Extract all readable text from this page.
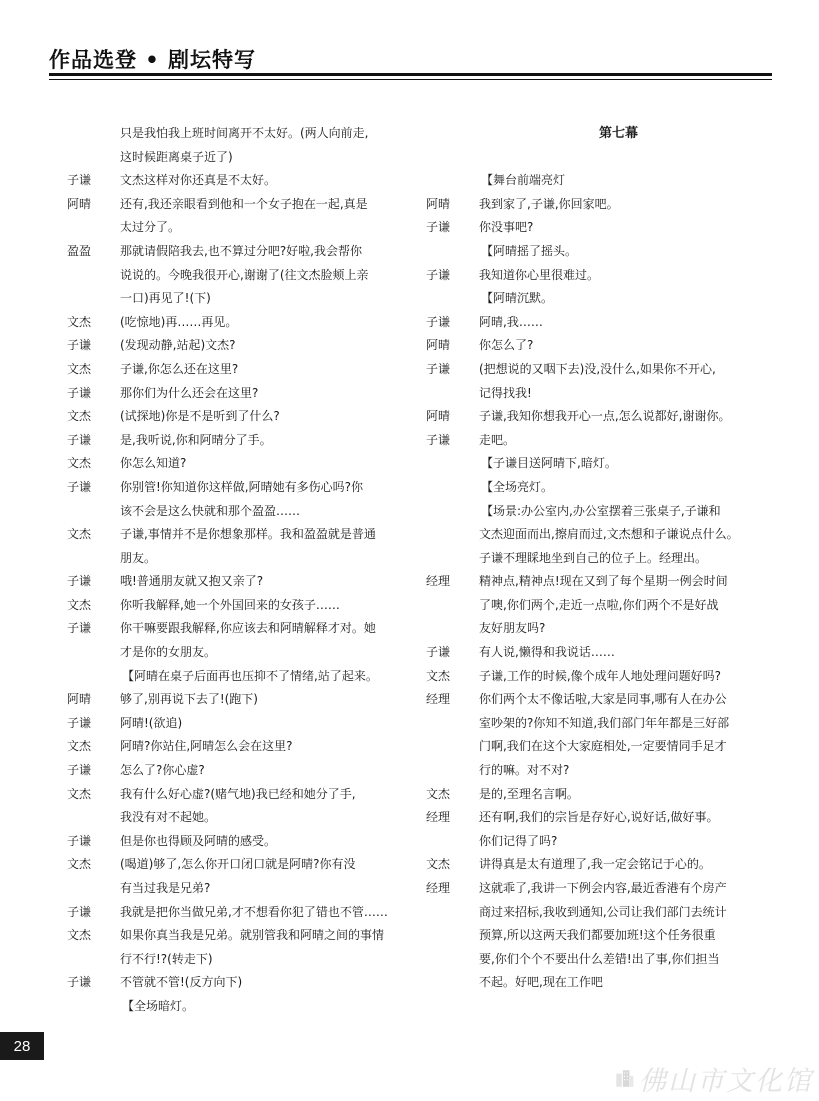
作品选登 • 剧坛特写
只是我怕我上班时间离开不太好。(两人向前走,
这时候距离桌子近了)
子谦	文杰这样对你还真是不太好。
阿晴	还有,我还亲眼看到他和一个女子抱在一起,真是
太过分了。
盈盈	那就请假陪我去,也不算过分吧?好啦,我会帮你
说说的。今晚我很开心,谢谢了(往文杰脸颊上亲
一口)再见了!(下)
文杰	(吃惊地)再……再见。
子谦	(发现动静,站起)文杰?
文杰	子谦,你怎么还在这里?
子谦	那你们为什么还会在这里?
文杰	(试探地)你是不是听到了什么?
子谦	是,我听说,你和阿晴分了手。
文杰	你怎么知道?
子谦	你别管!你知道你这样做,阿晴她有多伤心吗?你
该不会是这么快就和那个盈盈……
文杰	子谦,事情并不是你想象那样。我和盈盈就是普通
朋友。
子谦	哦!普通朋友就又抱又亲了?
文杰	你听我解释,她一个外国回来的女孩子……
子谦	你干嘛要跟我解释,你应该去和阿晴解释才对。她
才是你的女朋友。
【阿晴在桌子后面再也压抑不了情绪,站了起来。
阿晴	够了,别再说下去了!(跑下)
子谦	阿晴!(欲追)
文杰	阿晴?你站住,阿晴怎么会在这里?
子谦	怎么了?你心虚?
文杰	我有什么好心虚?(赌气地)我已经和她分了手,
我没有对不起她。
子谦	但是你也得顾及阿晴的感受。
文杰	(喝道)够了,怎么你开口闭口就是阿晴?你有没
有当过我是兄弟?
子谦	我就是把你当做兄弟,才不想看你犯了错也不管……
文杰	如果你真当我是兄弟。就别管我和阿晴之间的事情
行不行!?(转走下)
子谦	不管就不管!(反方向下)
【全场暗灯。
第七幕
【舞台前端亮灯
阿晴	我到家了,子谦,你回家吧。
子谦	你没事吧?
【阿晴摇了摇头。
子谦	我知道你心里很难过。
【阿晴沉默。
子谦	阿晴,我……
阿晴	你怎么了?
子谦	(把想说的又咽下去)没,没什么,如果你不开心,
记得找我!
阿晴	子谦,我知你想我开心一点,怎么说都好,谢谢你。
子谦	走吧。
【子谦目送阿晴下,暗灯。
【全场亮灯。
【场景:办公室内,办公室摆着三张桌子,子谦和
文杰迎面而出,擦肩而过,文杰想和子谦说点什么。
子谦不理睬地坐到自己的位子上。经理出。
经理	精神点,精神点!现在又到了每个星期一例会时间
了噢,你们两个,走近一点啦,你们两个不是好战
友好朋友吗?
子谦	有人说,懒得和我说话……
文杰	子谦,工作的时候,像个成年人地处理问题好吗?
经理	你们两个太不像话啦,大家是同事,哪有人在办公
室吵架的?你知不知道,我们部门年年都是三好部
门啊,我们在这个大家庭相处,一定要情同手足才
行的嘛。对不对?
文杰	是的,至理名言啊。
经理	还有啊,我们的宗旨是存好心,说好话,做好事。
你们记得了吗?
文杰	讲得真是太有道理了,我一定会铭记于心的。
经理	这就乖了,我讲一下例会内容,最近香港有个房产
商过来招标,我收到通知,公司让我们部门去统计
预算,所以这两天我们都要加班!这个任务很重
要,你们个个不要出什么差错!出了事,你们担当
不起。好吧,现在工作吧
28
佛山市文化馆
